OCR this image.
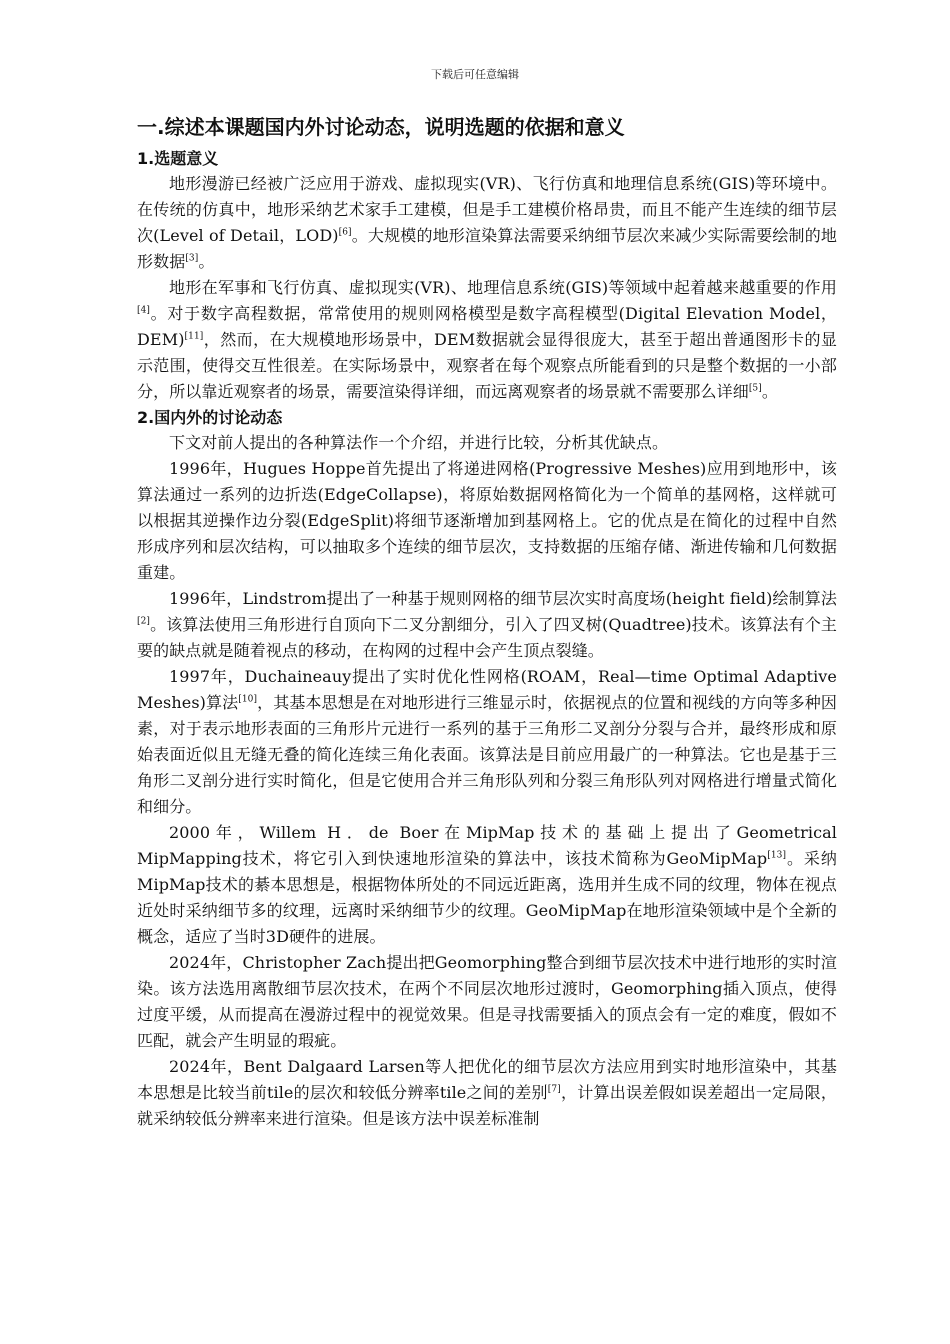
下载后可任意编辑
一.综述本课题国内外讨论动态，说明选题的依据和意义
1.选题意义

地形漫游已经被广泛应用于游戏、虚拟现实(VR)、飞行仿真和地理信息系统(GIS)等环境中。在传统的仿真中，地形采纳艺术家手工建模，但是手工建模价格昂贵，而且不能产生连续的细节层次(Level of Detail，LOD)[6]。大规模的地形渲染算法需要采纳细节层次来减少实际需要绘制的地形数据[3]。

地形在军事和飞行仿真、虚拟现实(VR)、地理信息系统(GIS)等领域中起着越来越重要的作用[4]。对于数字高程数据，常常使用的规则网格模型是数字高程模型(Digital Elevation Model，DEM)[11]，然而，在大规模地形场景中，DEM数据就会显得很庞大，甚至于超出普通图形卡的显示范围，使得交互性很差。在实际场景中，观察者在每个观察点所能看到的只是整个数据的一小部分，所以靠近观察者的场景，需要渲染得详细，而远离观察者的场景就不需要那么详细[5]。

2.国内外的讨论动态

下文对前人提出的各种算法作一个介绍，并进行比较，分析其优缺点。

1996年，Hugues Hoppe首先提出了将递进网格(Progressive Meshes)应用到地形中，该算法通过一系列的边折迭(EdgeCollapse)，将原始数据网格简化为一个简单的基网格，这样就可以根据其逆操作边分裂(EdgeSplit)将细节逐渐增加到基网格上。它的优点是在简化的过程中自然形成序列和层次结构，可以抽取多个连续的细节层次，支持数据的压缩存储、渐进传输和几何数据重建。

1996年，Lindstrom提出了一种基于规则网格的细节层次实时高度场(height field)绘制算法[2]。该算法使用三角形进行自顶向下二叉分割细分，引入了四叉树(Quadtree)技术。该算法有个主要的缺点就是随着视点的移动，在构网的过程中会产生顶点裂缝。

1997年，Duchaineauy提出了实时优化性网格(ROAM，Real—time Optimal Adaptive Meshes)算法[10]，其基本思想是在对地形进行三维显示时，依据视点的位置和视线的方向等多种因素，对于表示地形表面的三角形片元进行一系列的基于三角形二叉剖分分裂与合并，最终形成和原始表面近似且无缝无叠的简化连续三角化表面。该算法是目前应用最广的一种算法。它也是基于三角形二叉剖分进行实时简化，但是它使用合并三角形队列和分裂三角形队列对网格进行增量式简化和细分。

2000年，Willem H．de Boer在MipMap技术的基础上提出了Geometrical MipMapping技术，将它引入到快速地形渲染的算法中，该技术简称为GeoMipMap[13]。采纳MipMap技术的綦本思想是，根据物体所处的不同远近距离，选用并生成不同的纹理，物体在视点近处时采纳细节多的纹理，远离时采纳细节少的纹理。GeoMipMap在地形渲染领域中是个全新的概念，适应了当时3D硬件的进展。

2024年，Christopher Zach提出把Geomorphing整合到细节层次技术中进行地形的实时渲染。该方法选用离散细节层次技术，在两个不同层次地形过渡时，Geomorphing插入顶点，使得过度平缓，从而提高在漫游过程中的视觉效果。但是寻找需要插入的顶点会有一定的难度，假如不匹配，就会产生明显的瑕疵。

2024年，Bent Dalgaard Larsen等人把优化的细节层次方法应用到实时地形渲染中，其基本思想是比较当前tile的层次和较低分辨率tile之间的差别[7]，计算出误差假如误差超出一定局限，就采纳较低分辨率来进行渲染。但是该方法中误差标准制
